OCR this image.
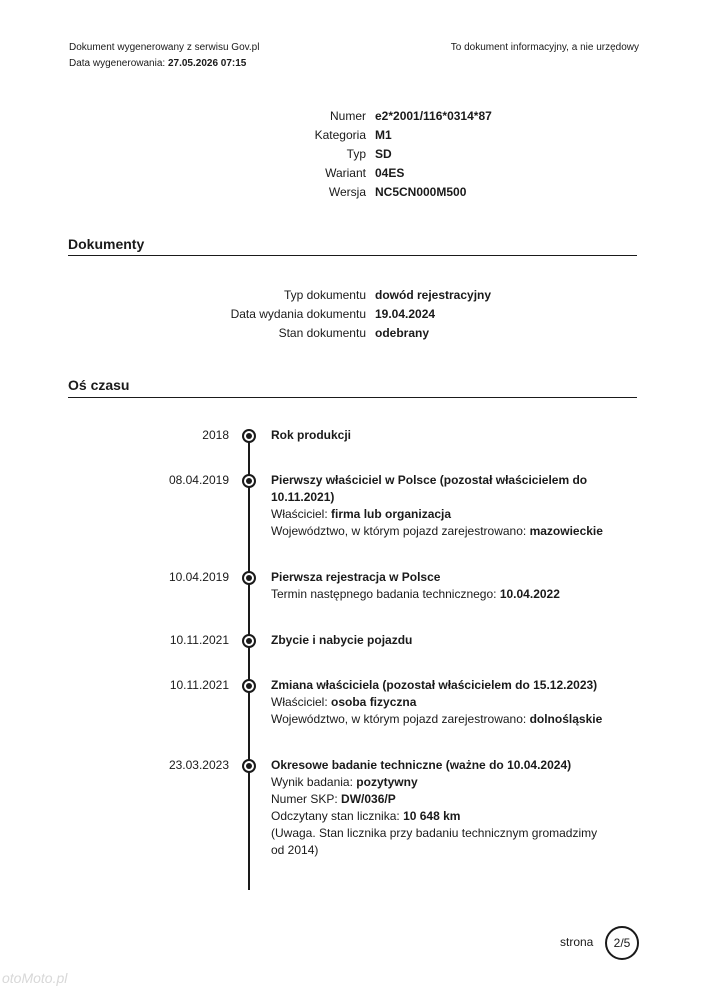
Dokument wygenerowany z serwisu Gov.pl
Data wygenerowania: 27.05.2026 07:15
To dokument informacyjny, a nie urzędowy
Numer e2*2001/116*0314*87
Kategoria M1
Typ SD
Wariant 04ES
Wersja NC5CN000M500
Dokumenty
Typ dokumentu dowód rejestracyjny
Data wydania dokumentu 19.04.2024
Stan dokumentu odebrany
Oś czasu
2018	Rok produkcji
08.04.2019	Pierwszy właściciel w Polsce (pozostał właścicielem do 10.11.2021)
Właściciel: firma lub organizacja
Województwo, w którym pojazd zarejestrowano: mazowieckie
10.04.2019	Pierwsza rejestracja w Polsce
Termin następnego badania technicznego: 10.04.2022
10.11.2021	Zbycie i nabycie pojazdu
10.11.2021	Zmiana właściciela (pozostał właścicielem do 15.12.2023)
Właściciel: osoba fizyczna
Województwo, w którym pojazd zarejestrowano: dolnośląskie
23.03.2023	Okresowe badanie techniczne (ważne do 10.04.2024)
Wynik badania: pozytywny
Numer SKP: DW/036/P
Odczytany stan licznika: 10 648 km
(Uwaga. Stan licznika przy badaniu technicznym gromadzimy od 2014)
strona	2/5
otoMoto.pl
